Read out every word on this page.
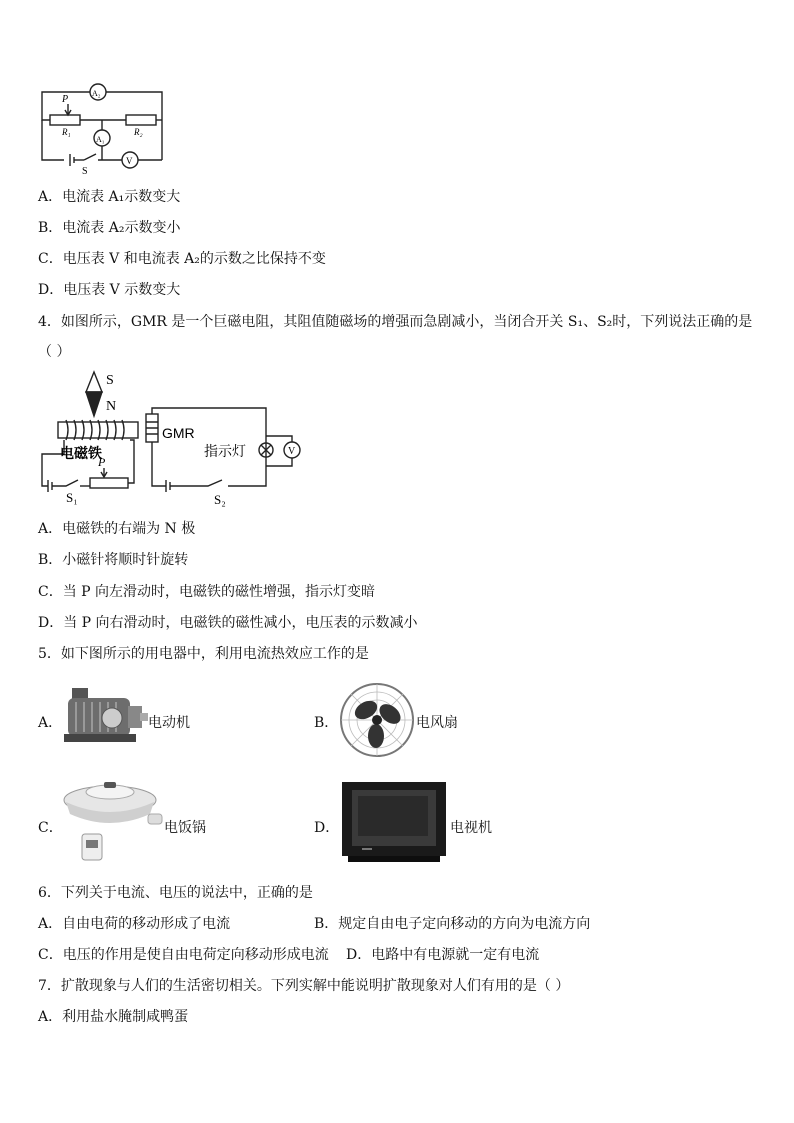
A₂
P
R₁	R₂
A₁
V
S
A．电流表 A₁示数变大
B．电流表 A₂示数变小
C．电压表 V 和电流表 A₂的示数之比保持不变
D．电压表 V 示数变大
4．如图所示，GMR 是一个巨磁电阻，其阻值随磁场的增强而急剧减小，当闭合开关 S₁、S₂时，下列说法正确的是
（ ）
S
N
电磁铁
P
S₁
GMR
指示灯	V
S₂
A．电磁铁的右端为 N 极
B．小磁针将顺时针旋转
C．当 P 向左滑动时，电磁铁的磁性增强，指示灯变暗
D．当 P 向右滑动时，电磁铁的磁性减小，电压表的示数减小
5．如下图所示的用电器中，利用电流热效应工作的是
A．	电动机	B．	电风扇
C．	电饭锅	D．	电视机
6．下列关于电流、电压的说法中，正确的是
A．自由电荷的移动形成了电流	B．规定自由电子定向移动的方向为电流方向
C．电压的作用是使自由电荷定向移动形成电流 D．电路中有电源就一定有电流
7．扩散现象与人们的生活密切相关。下列实解中能说明扩散现象对人们有用的是（ ）
A．利用盐水腌制咸鸭蛋
